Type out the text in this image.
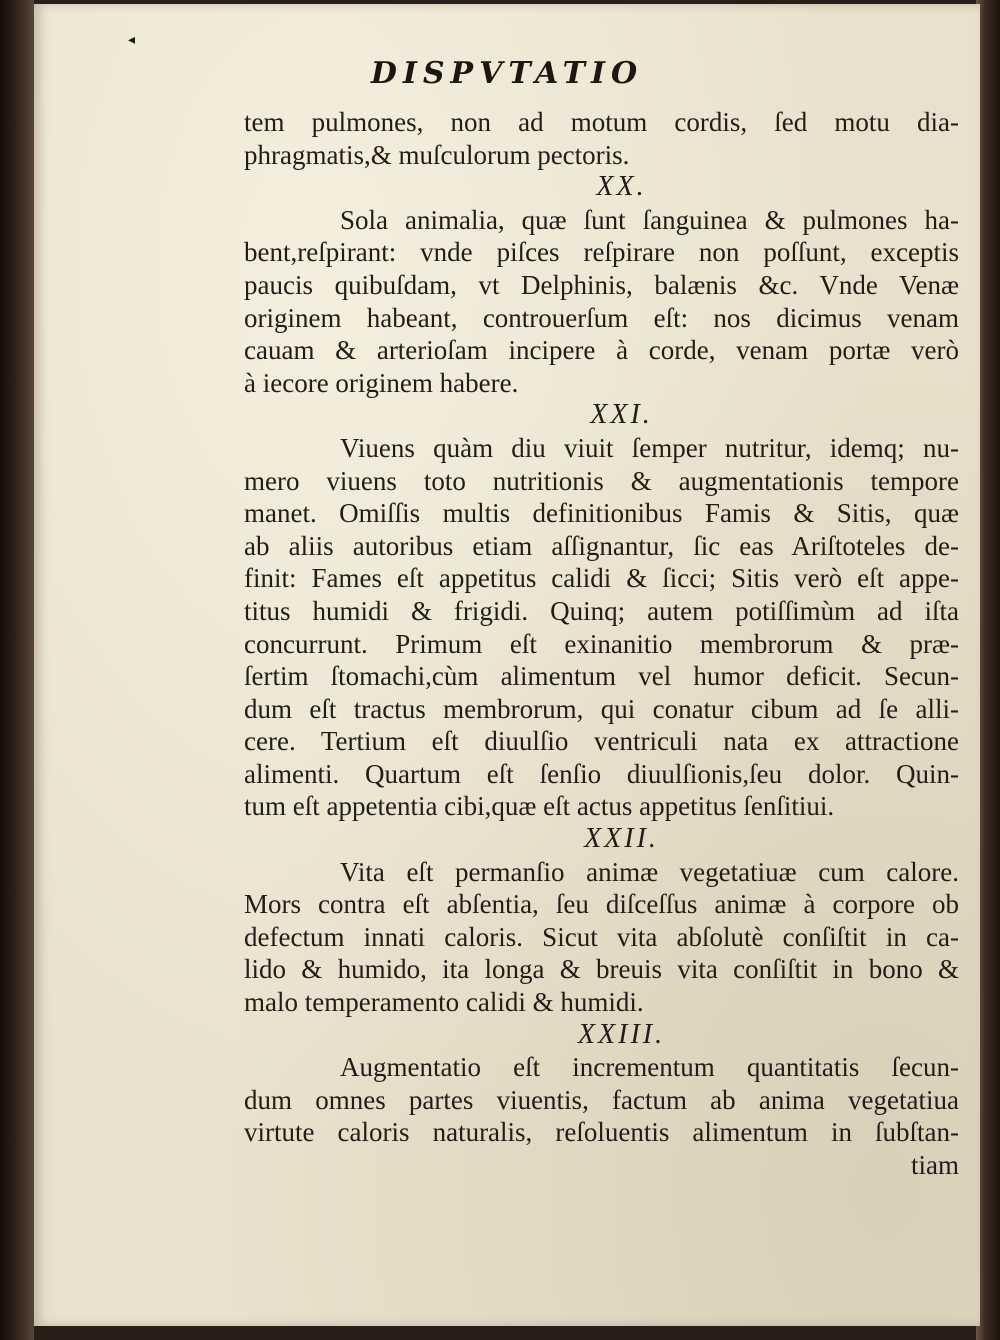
◂
DISPVTATIO
tem pulmones, non ad motum cordis, ſed motu dia-
phragmatis,& muſculorum pectoris.
XX.
Sola animalia, quæ ſunt ſanguinea & pulmones ha-
bent,reſpirant: vnde piſces reſpirare non poſſunt, exceptis
paucis quibuſdam, vt Delphinis, balænis &c. Vnde Venæ
originem habeant, controuerſum eſt: nos dicimus venam
cauam & arterioſam incipere à corde, venam portæ verò
à iecore originem habere.
XXI.
Viuens quàm diu viuit ſemper nutritur, idemq; nu-
mero viuens toto nutritionis & augmentationis tempore
manet. Omiſſis multis definitionibus Famis & Sitis, quæ
ab aliis autoribus etiam aſſignantur, ſic eas Ariſtoteles de-
finit: Fames eſt appetitus calidi & ſicci; Sitis verò eſt appe-
titus humidi & frigidi. Quinq; autem potiſſimùm ad iſta
concurrunt. Primum eſt exinanitio membrorum & præ-
ſertim ſtomachi,cùm alimentum vel humor deficit. Secun-
dum eſt tractus membrorum, qui conatur cibum ad ſe alli-
cere. Tertium eſt diuulſio ventriculi nata ex attractione
alimenti. Quartum eſt ſenſio diuulſionis,ſeu dolor. Quin-
tum eſt appetentia cibi,quæ eſt actus appetitus ſenſitiui.
XXII.
Vita eſt permanſio animæ vegetatiuæ cum calore.
Mors contra eſt abſentia, ſeu diſceſſus animæ à corpore ob
defectum innati caloris. Sicut vita abſolutè conſiſtit in ca-
lido & humido, ita longa & breuis vita conſiſtit in bono &
malo temperamento calidi & humidi.
XXIII.
Augmentatio eſt incrementum quantitatis ſecun-
dum omnes partes viuentis, factum ab anima vegetatiua
virtute caloris naturalis, reſoluentis alimentum in ſubſtan-
tiam
